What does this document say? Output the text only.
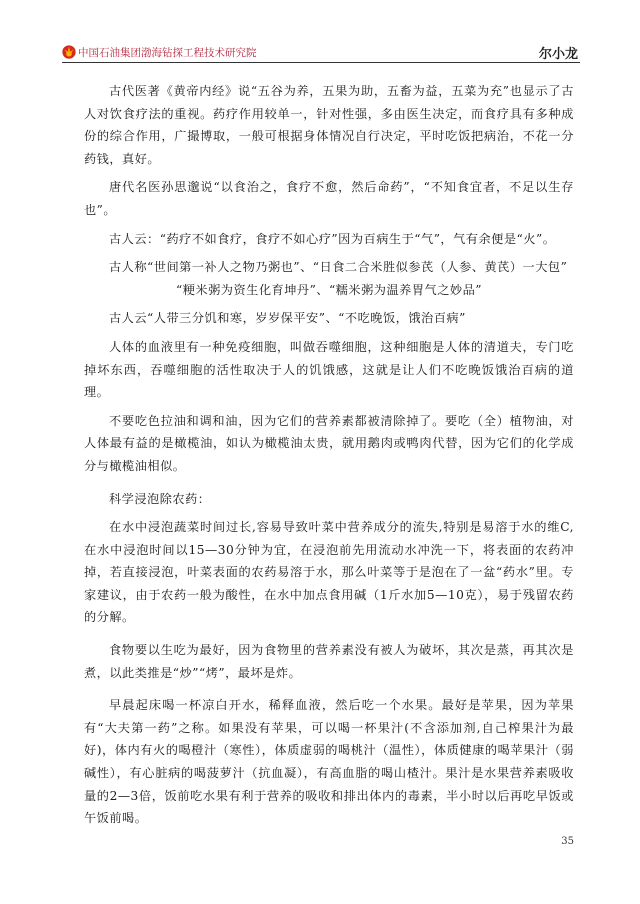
中国石油集团渤海钻探工程技术研究院	尔小龙

古代医著《黄帝内经》说“五谷为养，五果为助，五畜为益，五菜为充”也显示了古人对饮食疗法的重视。药疗作用较单一，针对性强，多由医生决定，而食疗具有多种成份的综合作用，广撮博取，一般可根据身体情况自行决定，平时吃饭把病治，不花一分药钱，真好。

唐代名医孙思邈说“以食治之，食疗不愈，然后命药”，“不知食宜者，不足以生存也”。

古人云：“药疗不如食疗，食疗不如心疗”因为百病生于“气”，气有余便是“火”。

古人称“世间第一补人之物乃粥也”、“日食二合米胜似参芪（人参、黄芪）一大包”

“粳米粥为资生化育坤丹”、“糯米粥为温养胃气之妙品”

古人云“人带三分饥和寒，岁岁保平安”、“不吃晚饭，饿治百病”

人体的血液里有一种免疫细胞，叫做吞噬细胞，这种细胞是人体的清道夫，专门吃掉坏东西，吞噬细胞的活性取决于人的饥饿感，这就是让人们不吃晚饭饿治百病的道理。

不要吃色拉油和调和油，因为它们的营养素都被清除掉了。要吃（全）植物油，对人体最有益的是橄榄油，如认为橄榄油太贵，就用鹅肉或鸭肉代替，因为它们的化学成分与橄榄油相似。

科学浸泡除农药：

在水中浸泡蔬菜时间过长,容易导致叶菜中营养成分的流失,特别是易溶于水的维C,在水中浸泡时间以15—30分钟为宜，在浸泡前先用流动水冲洗一下，将表面的农药冲掉，若直接浸泡，叶菜表面的农药易溶于水，那么叶菜等于是泡在了一盆“药水”里。专家建议，由于农药一般为酸性，在水中加点食用碱（1斤水加5—10克），易于残留农药的分解。

食物要以生吃为最好，因为食物里的营养素没有被人为破坏，其次是蒸，再其次是煮，以此类推是“炒”“烤”，最坏是炸。

早晨起床喝一杯凉白开水，稀释血液，然后吃一个水果。最好是苹果，因为苹果有“大夫第一药”之称。如果没有苹果，可以喝一杯果汁(不含添加剂,自己榨果汁为最好)，体内有火的喝橙汁（寒性），体质虚弱的喝桃汁（温性），体质健康的喝苹果汁（弱碱性），有心脏病的喝菠萝汁（抗血凝），有高血脂的喝山楂汁。果汁是水果营养素吸收量的2—3倍，饭前吃水果有利于营养的吸收和排出体内的毒素，半小时以后再吃早饭或午饭前喝。

35
